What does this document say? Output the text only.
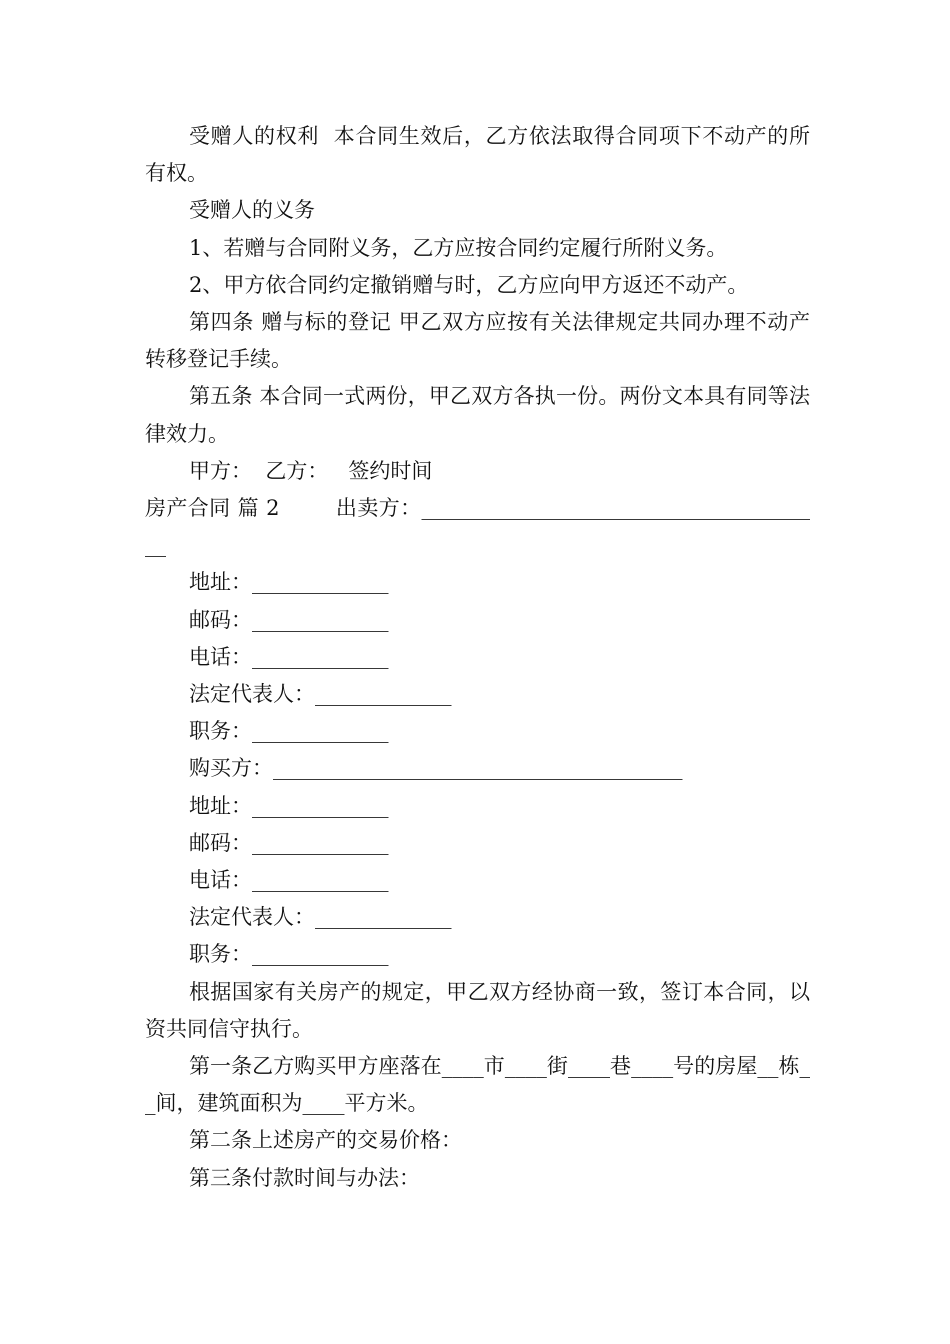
受赠人的权利  本合同生效后，乙方依法取得合同项下不动产的所有权。

受赠人的义务

1、若赠与合同附义务，乙方应按合同约定履行所附义务。

2、甲方依合同约定撤销赠与时，乙方应向甲方返还不动产。

第四条 赠与标的登记 甲乙双方应按有关法律规定共同办理不动产转移登记手续。

第五条 本合同一式两份，甲乙双方各执一份。两份文本具有同等法律效力。

甲方：  乙方：   签约时间

房产合同 篇 2        出卖方：_______________________________________

地址：_____________

邮码：_____________

电话：_____________

法定代表人：_____________

职务：_____________

购买方：_______________________________________

地址：_____________

邮码：_____________

电话：_____________

法定代表人：_____________

职务：_____________

根据国家有关房产的规定，甲乙双方经协商一致，签订本合同，以资共同信守执行。

第一条乙方购买甲方座落在____市____街____巷____号的房屋__栋__间，建筑面积为____平方米。

第二条上述房产的交易价格：

第三条付款时间与办法：
